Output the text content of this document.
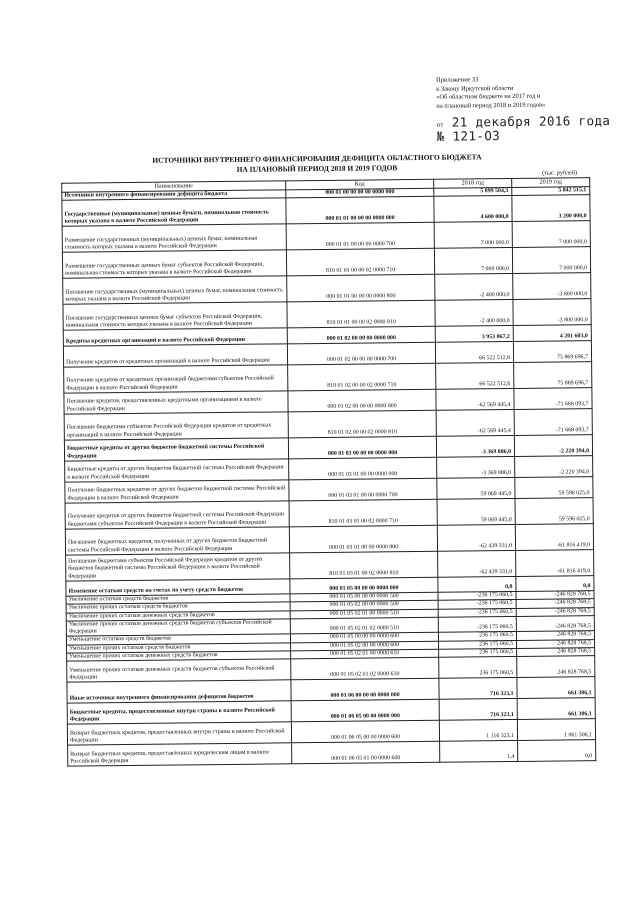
Приложение 33
к Закону Иркутской области
«Об областном бюджете на 2017 год и
на плановый период 2018 и 2019 годов»
от 21 декабря 2016 года
№ 121-ОЗ
ИСТОЧНИКИ ВНУТРЕННЕГО ФИНАНСИРОВАНИЯ ДЕФИЦИТА ОБЛАСТНОГО БЮДЖЕТА
НА ПЛАНОВЫЙ ПЕРИОД 2018 И 2019 ГОДОВ	(тыс. рублей)
Наименование	Код	2018 год	2019 год
Источники внутреннего финансирования дефицита бюджета	000 01 00 00 00 00 0000 000	5 899 504,3	5 842 515,1
Государственные (муниципальные) ценные бумаги, номинальная стоимость которых указана в валюте Российской Федерации	000 01 01 00 00 00 0000 000	4 600 000,0	3 200 000,0
Размещение государственных (муниципальных) ценных бумаг, номинальная стоимость которых указана в валюте Российской Федерации	000 01 01 00 00 00 0000 700	7 000 000,0	7 000 000,0
Размещение государственных ценных бумаг субъектов Российской Федерации, номинальная стоимость которых указана в валюте Российской Федерации	810 01 01 00 00 02 0000 710	7 000 000,0	7 000 000,0
Погашение государственных (муниципальных) ценных бумаг, номинальная стоимость которых указана в валюте Российской Федерации	000 01 01 00 00 00 0000 800	-2 400 000,0	-3 800 000,0
Погашение государственных ценных бумаг субъектов Российской Федерации, номинальная стоимость которых указана в валюте Российской Федерации	810 01 01 00 00 02 0000 810	-2 400 000,0	-3 800 000,0
Кредиты кредитных организаций в валюте Российской Федерации	000 01 02 00 00 00 0000 000	3 953 067,2	4 201 603,0
Получение кредитов от кредитных организаций в валюте Российской Федерации	000 01 02 00 00 00 0000 700	66 522 512,6	75 869 696,7
Получение кредитов от кредитных организаций бюджетами субъектов Российской Федерации в валюте Российской Федерации	810 01 02 00 00 02 0000 710	66 522 512,6	75 869 696,7
Погашение кредитов, предоставленных кредитными организациями в валюте Российской Федерации	000 01 02 00 00 00 0000 800	-62 569 445,4	-71 668 093,7
Погашение бюджетами субъектов Российской Федерации кредитов от кредитных организаций в валюте Российской Федерации	810 01 02 00 00 02 0000 810	-62 569 445,4	-71 668 093,7
Бюджетные кредиты от других бюджетов бюджетной системы Российской Федерации	000 01 03 00 00 00 0000 000	-3 369 886,0	-2 220 394,0
Бюджетные кредиты от других бюджетов бюджетной системы Российской Федерации в валюте Российской Федерации	000 01 03 01 00 00 0000 000	-3 369 886,0	-2 220 394,0
Получение бюджетных кредитов от других бюджетов бюджетной системы Российской Федерации в валюте Российской Федерации	000 01 03 01 00 00 0000 700	59 069 445,0	59 596 025,0
Получение кредитов от других бюджетов бюджетной системы Российской Федерации бюджетами субъектов Российской Федерации в валюте Российской Федерации	810 01 03 01 00 02 0000 710	59 069 445,0	59 596 025,0
Погашение бюджетных кредитов, полученных от других бюджетов бюджетной системы Российской Федерации в валюте Российской Федерации	000 01 03 01 00 00 0000 800	-62 439 331,0	-61 816 419,0
Погашение бюджетами субъектов Российской Федерации кредитов от других бюджетов бюджетной системы Российской Федерации в валюте Российской Федерации	810 01 03 01 00 02 0000 810	-62 439 331,0	-61 816 419,0
Изменение остатков средств на счетах по учету средств бюджетов	000 01 05 00 00 00 0000 000	0,0	0,0
Увеличение остатков средств бюджетов	000 01 05 00 00 00 0000 500	-236 175 060,5	-246 828 768,5
Увеличение прочих остатков средств бюджетов	000 01 05 02 00 00 0000 500	-236 175 060,5	-246 828 768,5
Увеличение прочих остатков денежных средств бюджетов	000 01 05 02 01 00 0000 510	-236 175 060,5	-246 828 768,5
Увеличение прочих остатков денежных средств бюджетов субъектов Российской Федерации	000 01 05 02 01 02 0000 510	-236 175 060,5	-246 828 768,5
Уменьшение остатков средств бюджетов	000 01 05 00 00 00 0000 600	236 175 060,5	246 828 768,5
Уменьшение прочих остатков средств бюджетов	000 01 05 02 00 00 0000 600	236 175 060,5	246 828 768,5
Уменьшение прочих остатков денежных средств бюджетов	000 01 05 02 01 00 0000 610	236 175 060,5	246 828 768,5
Уменьшение прочих остатков денежных средств бюджетов субъектов Российской Федерации	000 01 05 02 01 02 0000 610	236 175 060,5	246 828 768,5
Иные источники внутреннего финансирования дефицитов бюджетов	000 01 06 00 00 00 0000 000	716 323,1	661 306,1
Бюджетные кредиты, предоставленные внутри страны в валюте Российской Федерации	000 01 06 05 00 00 0000 000	716 323,1	661 306,1
Возврат бюджетных кредитов, предоставленных внутри страны в валюте Российской Федерации	000 01 06 05 00 00 0000 600	1 116 323,1	1 061 306,1
Возврат бюджетных кредитов, предоставленных юридическим лицам в валюте Российской Федерации	000 01 06 05 01 00 0000 600	1,4	0,0
